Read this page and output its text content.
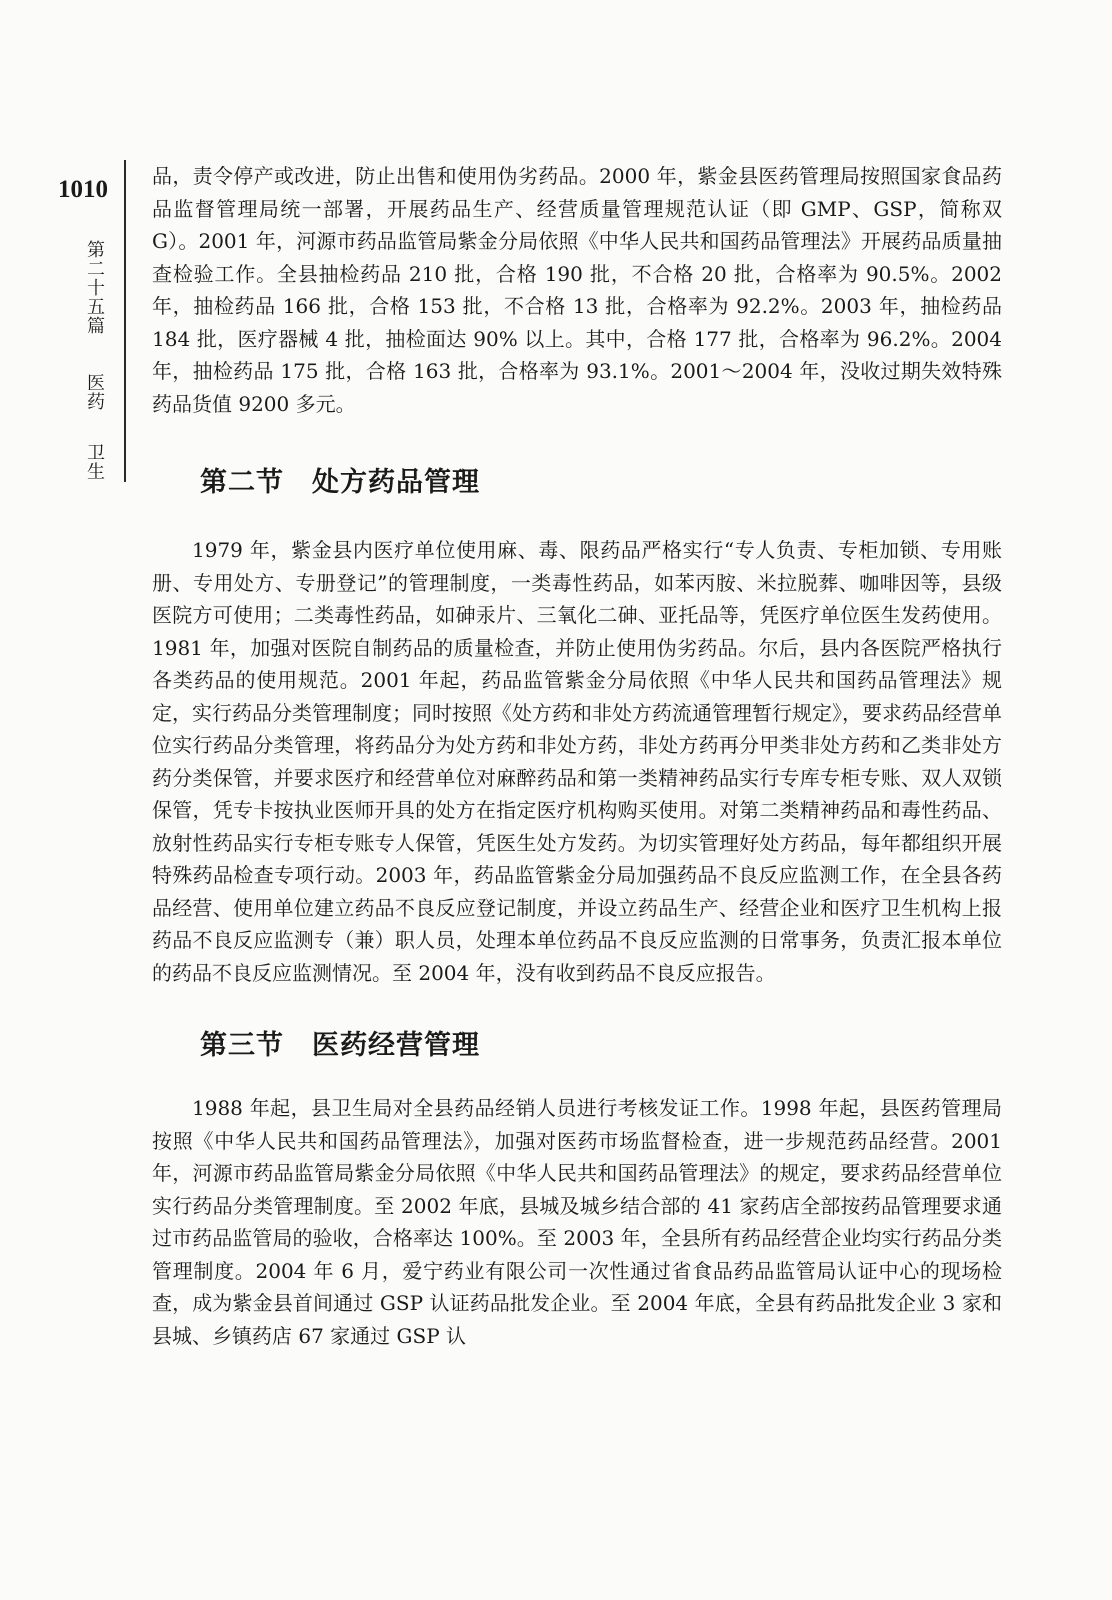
1010
第二十五篇 医药 卫生

品，责令停产或改进，防止出售和使用伪劣药品。2000 年，紫金县医药管理局按照国家食品药品监督管理局统一部署，开展药品生产、经营质量管理规范认证（即 GMP、GSP，简称双 G）。2001 年，河源市药品监管局紫金分局依照《中华人民共和国药品管理法》开展药品质量抽查检验工作。全县抽检药品 210 批，合格 190 批，不合格 20 批，合格率为 90.5%。2002 年，抽检药品 166 批，合格 153 批，不合格 13 批，合格率为 92.2%。2003 年，抽检药品 184 批，医疗器械 4 批，抽检面达 90% 以上。其中，合格 177 批，合格率为 96.2%。2004 年，抽检药品 175 批，合格 163 批，合格率为 93.1%。2001～2004 年，没收过期失效特殊药品货值 9200 多元。

第二节　处方药品管理

1979 年，紫金县内医疗单位使用麻、毒、限药品严格实行“专人负责、专柜加锁、专用账册、专用处方、专册登记”的管理制度，一类毒性药品，如苯丙胺、米拉脱葬、咖啡因等，县级医院方可使用；二类毒性药品，如砷汞片、三氧化二砷、亚托品等，凭医疗单位医生发药使用。1981 年，加强对医院自制药品的质量检查，并防止使用伪劣药品。尔后，县内各医院严格执行各类药品的使用规范。2001 年起，药品监管紫金分局依照《中华人民共和国药品管理法》规定，实行药品分类管理制度；同时按照《处方药和非处方药流通管理暂行规定》，要求药品经营单位实行药品分类管理，将药品分为处方药和非处方药，非处方药再分甲类非处方药和乙类非处方药分类保管，并要求医疗和经营单位对麻醉药品和第一类精神药品实行专库专柜专账、双人双锁保管，凭专卡按执业医师开具的处方在指定医疗机构购买使用。对第二类精神药品和毒性药品、放射性药品实行专柜专账专人保管，凭医生处方发药。为切实管理好处方药品，每年都组织开展特殊药品检查专项行动。2003 年，药品监管紫金分局加强药品不良反应监测工作，在全县各药品经营、使用单位建立药品不良反应登记制度，并设立药品生产、经营企业和医疗卫生机构上报药品不良反应监测专（兼）职人员，处理本单位药品不良反应监测的日常事务，负责汇报本单位的药品不良反应监测情况。至 2004 年，没有收到药品不良反应报告。

第三节　医药经营管理

1988 年起，县卫生局对全县药品经销人员进行考核发证工作。1998 年起，县医药管理局按照《中华人民共和国药品管理法》，加强对医药市场监督检查，进一步规范药品经营。2001 年，河源市药品监管局紫金分局依照《中华人民共和国药品管理法》的规定，要求药品经营单位实行药品分类管理制度。至 2002 年底，县城及城乡结合部的 41 家药店全部按药品管理要求通过市药品监管局的验收，合格率达 100%。至 2003 年，全县所有药品经营企业均实行药品分类管理制度。2004 年 6 月，爱宁药业有限公司一次性通过省食品药品监管局认证中心的现场检查，成为紫金县首间通过 GSP 认证药品批发企业。至 2004 年底，全县有药品批发企业 3 家和县城、乡镇药店 67 家通过 GSP 认
